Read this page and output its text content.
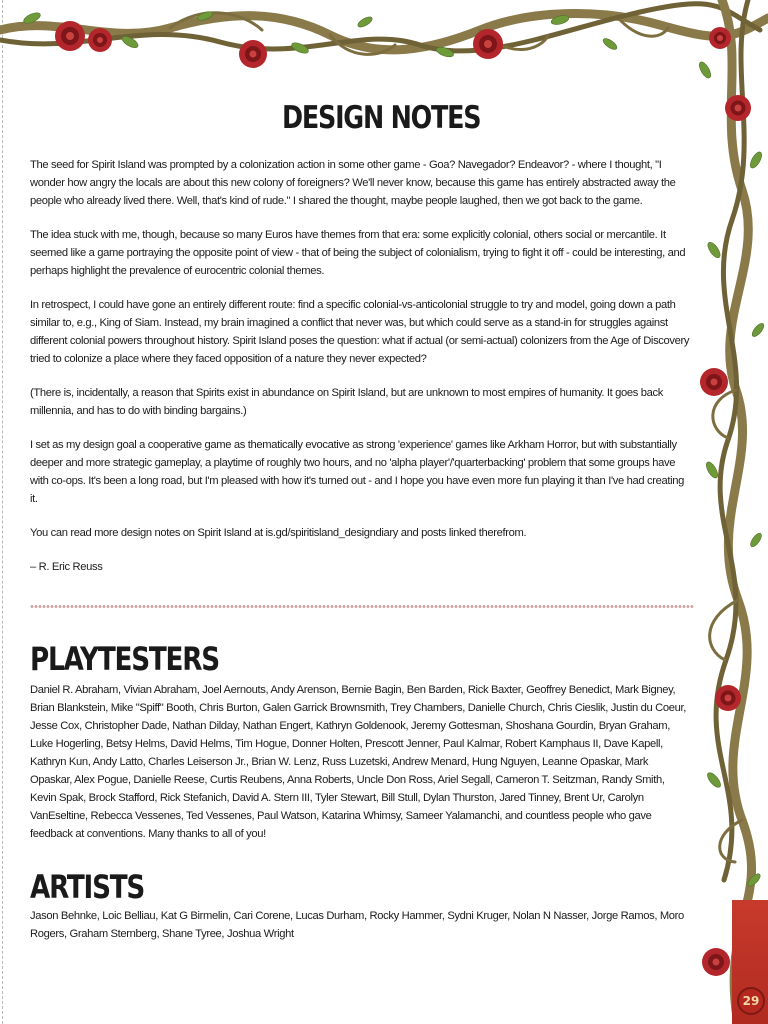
DESIGN NOTES

The seed for Spirit Island was prompted by a colonization action in some other game - Goa? Navegador? Endeavor? - where I thought, "I wonder how angry the locals are about this new colony of foreigners? We'll never know, because this game has entirely abstracted away the people who already lived there. Well, that's kind of rude." I shared the thought, maybe people laughed, then we got back to the game.

The idea stuck with me, though, because so many Euros have themes from that era: some explicitly colonial, others social or mercantile. It seemed like a game portraying the opposite point of view - that of being the subject of colonialism, trying to fight it off - could be interesting, and perhaps highlight the prevalence of eurocentric colonial themes.

In retrospect, I could have gone an entirely different route: find a specific colonial-vs-anticolonial struggle to try and model, going down a path similar to, e.g., King of Siam. Instead, my brain imagined a conflict that never was, but which could serve as a stand-in for struggles against different colonial powers throughout history. Spirit Island poses the question: what if actual (or semi-actual) colonizers from the Age of Discovery tried to colonize a place where they faced opposition of a nature they never expected?

(There is, incidentally, a reason that Spirits exist in abundance on Spirit Island, but are unknown to most empires of humanity. It goes back millennia, and has to do with binding bargains.)

I set as my design goal a cooperative game as thematically evocative as strong 'experience' games like Arkham Horror, but with substantially deeper and more strategic gameplay, a playtime of roughly two hours, and no 'alpha player'/'quarterbacking' problem that some groups have with co-ops. It's been a long road, but I'm pleased with how it's turned out - and I hope you have even more fun playing it than I've had creating it.

You can read more design notes on Spirit Island at is.gd/spiritisland_designdiary and posts linked therefrom.

– R. Eric Reuss

PLAYTESTERS

Daniel R. Abraham, Vivian Abraham, Joel Aernouts, Andy Arenson, Bernie Bagin, Ben Barden, Rick Baxter, Geoffrey Benedict, Mark Bigney, Brian Blankstein, Mike "Spiff" Booth, Chris Burton, Galen Garrick Brownsmith, Trey Chambers, Danielle Church, Chris Cieslik, Justin du Coeur, Jesse Cox, Christopher Dade, Nathan Dilday, Nathan Engert, Kathryn Goldenook, Jeremy Gottesman, Shoshana Gourdin, Bryan Graham, Luke Hogerling, Betsy Helms, David Helms, Tim Hogue, Donner Holten, Prescott Jenner, Paul Kalmar, Robert Kamphaus II, Dave Kapell, Kathryn Kun, Andy Latto, Charles Leiserson Jr., Brian W. Lenz, Russ Luzetski, Andrew Menard, Hung Nguyen, Leanne Opaskar, Mark Opaskar, Alex Pogue, Danielle Reese, Curtis Reubens, Anna Roberts, Uncle Don Ross, Ariel Segall, Cameron T. Seitzman, Randy Smith, Kevin Spak, Brock Stafford, Rick Stefanich, David A. Stern III, Tyler Stewart, Bill Stull, Dylan Thurston, Jared Tinney, Brent Ur, Carolyn VanEseltine, Rebecca Vessenes, Ted Vessenes, Paul Watson, Katarina Whimsy, Sameer Yalamanchi, and countless people who gave feedback at conventions. Many thanks to all of you!

ARTISTS

Jason Behnke, Loic Belliau, Kat G Birmelin, Cari Corene, Lucas Durham, Rocky Hammer, Sydni Kruger, Nolan N Nasser, Jorge Ramos, Moro Rogers, Graham Sternberg, Shane Tyree, Joshua Wright

29
